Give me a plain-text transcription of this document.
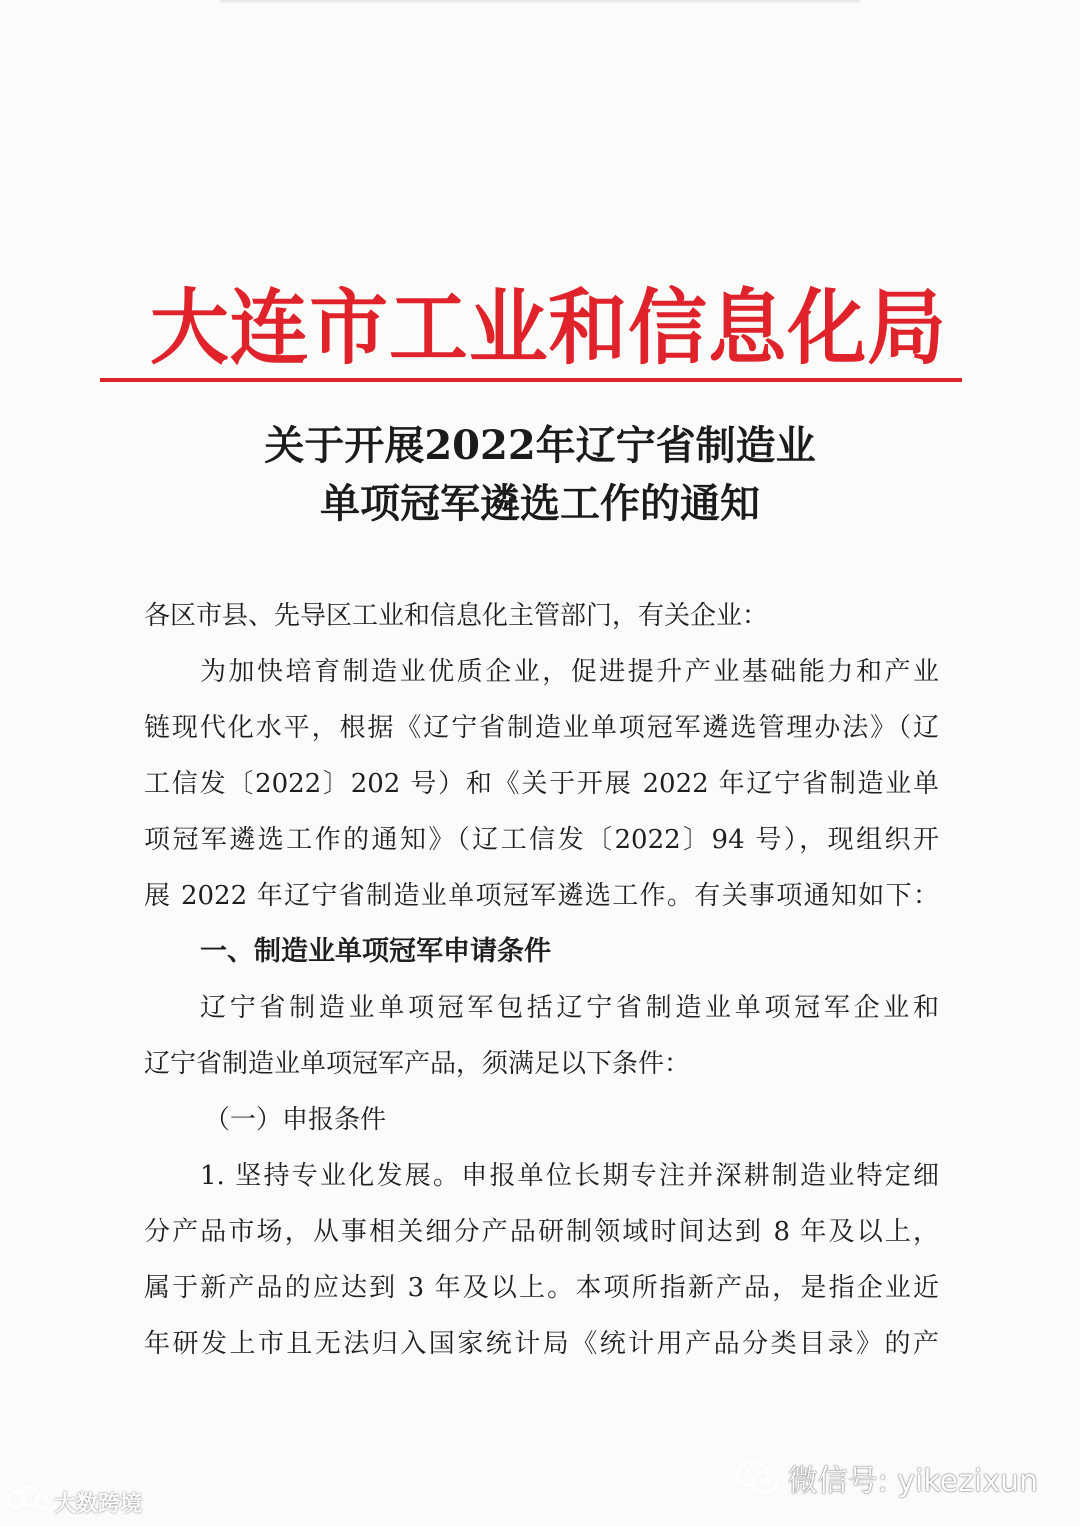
大连市工业和信息化局
关于开展2022年辽宁省制造业
单项冠军遴选工作的通知
各区市县、先导区工业和信息化主管部门，有关企业：
为加快培育制造业优质企业，促进提升产业基础能力和产业
链现代化水平，根据《辽宁省制造业单项冠军遴选管理办法》（辽
工信发〔2022〕202 号）和《关于开展 2022 年辽宁省制造业单
项冠军遴选工作的通知》（辽工信发〔2022〕94 号），现组织开
展 2022 年辽宁省制造业单项冠军遴选工作。有关事项通知如下：
一、制造业单项冠军申请条件
辽宁省制造业单项冠军包括辽宁省制造业单项冠军企业和
辽宁省制造业单项冠军产品，须满足以下条件：
（一）申报条件
1. 坚持专业化发展。申报单位长期专注并深耕制造业特定细
分产品市场，从事相关细分产品研制领域时间达到 8 年及以上，
属于新产品的应达到 3 年及以上。本项所指新产品，是指企业近
年研发上市且无法归入国家统计局《统计用产品分类目录》的产
微信号: yikezixun
大数跨境
